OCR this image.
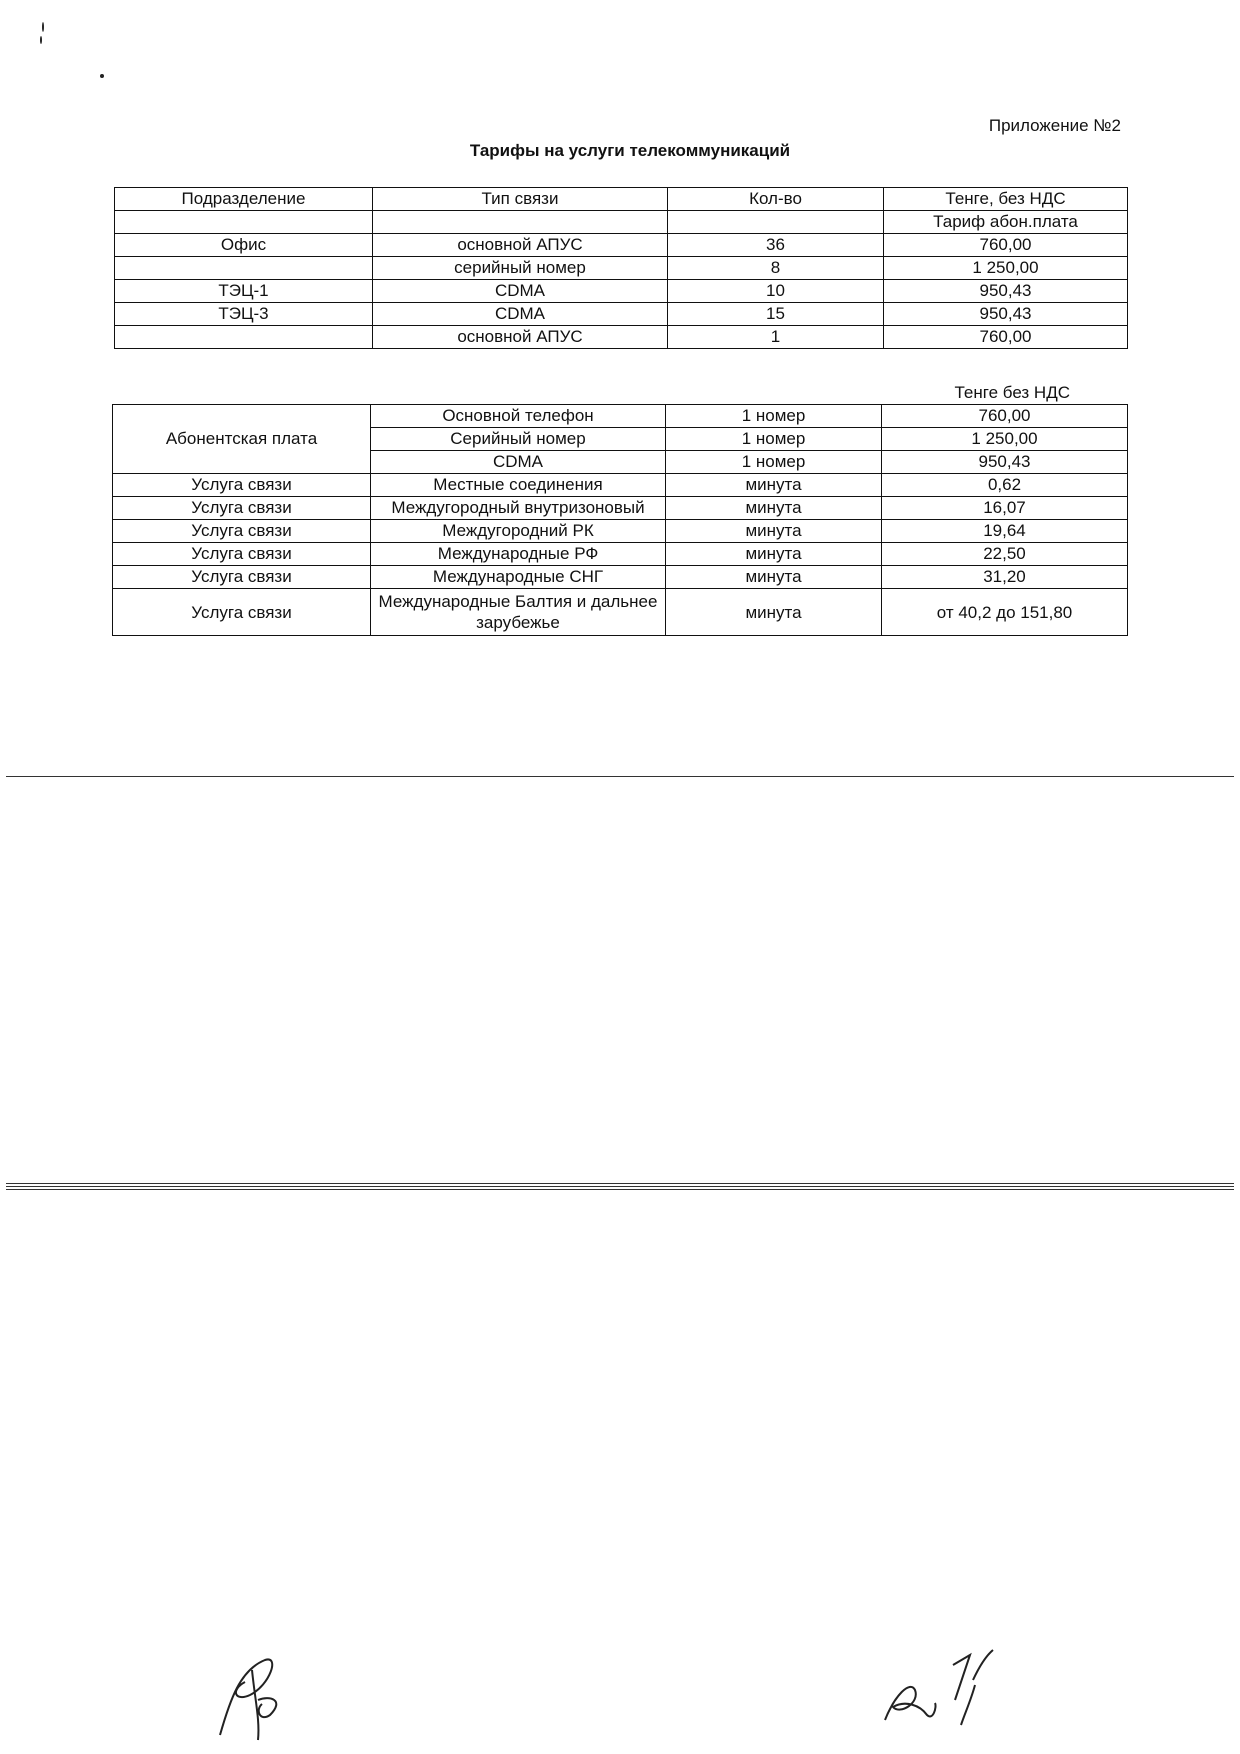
Приложение №2
Тарифы на услуги телекоммуникаций
Подразделение	Тип связи	Кол-во	Тенге, без НДС
			Тариф абон.плата
Офис	основной АПУС	36	760,00
	серийный номер	8	1 250,00
ТЭЦ-1	CDMA	10	950,43
ТЭЦ-3	CDMA	15	950,43
	основной АПУС	1	760,00
Тенге без НДС
Абонентская плата	Основной телефон	1 номер	760,00
	Серийный номер	1 номер	1 250,00
	CDMA	1 номер	950,43
Услуга связи	Местные соединения	минута	0,62
Услуга связи	Междугородный внутризоновый	минута	16,07
Услуга связи	Междугородний РК	минута	19,64
Услуга связи	Международные РФ	минута	22,50
Услуга связи	Международные СНГ	минута	31,20
Услуга связи	Международные Балтия и дальнее зарубежье	минута	от 40,2 до 151,80
